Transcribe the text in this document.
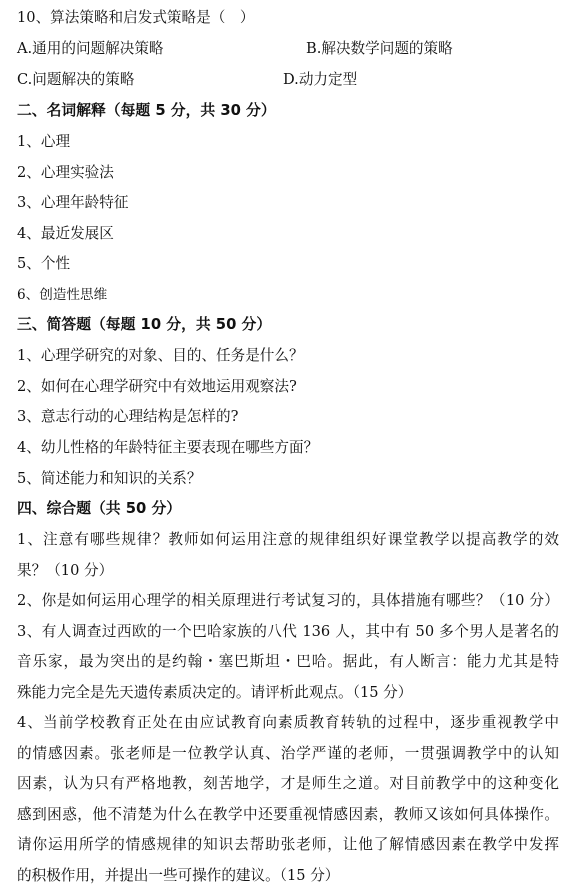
10、算法策略和启发式策略是（　）
A.通用的问题解决策略	B.解决数学问题的策略
C.问题解决的策略	D.动力定型
二、名词解释（每题 5 分，共 30 分）
1、心理
2、心理实验法
3、心理年龄特征
4、最近发展区
5、个性
6、创造性思维
三、简答题（每题 10 分，共 50 分）
1、心理学研究的对象、目的、任务是什么？
2、如何在心理学研究中有效地运用观察法?
3、意志行动的心理结构是怎样的?
4、幼儿性格的年龄特征主要表现在哪些方面？
5、简述能力和知识的关系？
四、综合题（共 50 分）
1、注意有哪些规律？教师如何运用注意的规律组织好课堂教学以提高教学的效
果？（10 分）
2、你是如何运用心理学的相关原理进行考试复习的，具体措施有哪些？（10 分）
3、有人调查过西欧的一个巴哈家族的八代 136 人，其中有 50 多个男人是著名的
音乐家，最为突出的是约翰・塞巴斯坦・巴哈。据此，有人断言：能力尤其是特
殊能力完全是先天遗传素质决定的。请评析此观点。（15 分）
4、当前学校教育正处在由应试教育向素质教育转轨的过程中，逐步重视教学中
的情感因素。张老师是一位教学认真、治学严谨的老师，一贯强调教学中的认知
因素，认为只有严格地教，刻苦地学，才是师生之道。对目前教学中的这种变化
感到困惑，他不清楚为什么在教学中还要重视情感因素，教师又该如何具体操作。
请你运用所学的情感规律的知识去帮助张老师，让他了解情感因素在教学中发挥
的积极作用，并提出一些可操作的建议。（15 分）
